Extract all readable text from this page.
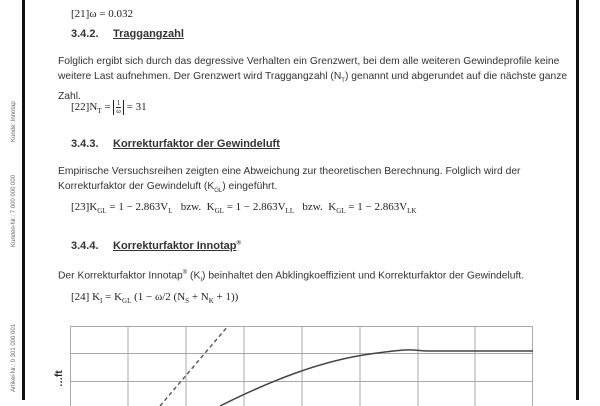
Kunden-Nr.: 7 000 000 000
Kunde: Innotap
Artikel-Nr.: 0 301 000 001
[21]ω = 0.032
3.4.2. Traggangzahl
Folglich ergibt sich durch das degressive Verhalten ein Grenzwert, bei dem alle weiteren Gewindeprofile keine weitere Last aufnehmen. Der Grenzwert wird Traggangzahl $(N_T)$ genannt und abgerundet auf die nächste ganze Zahl.
$[22]N_T = \frac{1}{\omega} = 31$
3.4.3. Korrekturfaktor der Gewindeluft
Empirische Versuchsreihen zeigten eine Abweichung zur theoretischen Berechnung. Folglich wird der Korrekturfaktor der Gewindeluft $(K_{GL})$ eingeführt.
$[23]K_{GL} = 1 - 2.863V_L$ bzw. $K_{GL} = 1 - 2.863V_{LL}$ bzw. $K_{GL} = 1 - 2.863V_{LK}$
3.4.4. Korrekturfaktor Innotap®
Der Korrekturfaktor Innotap® $(K_I)$ beinhaltet den Abklingkoeffizient und Korrekturfaktor der Gewindeluft.
[24] $K_I = K_{GL}$ (1 − ω/2 $(N_S + N_K + 1)$)
…ft
